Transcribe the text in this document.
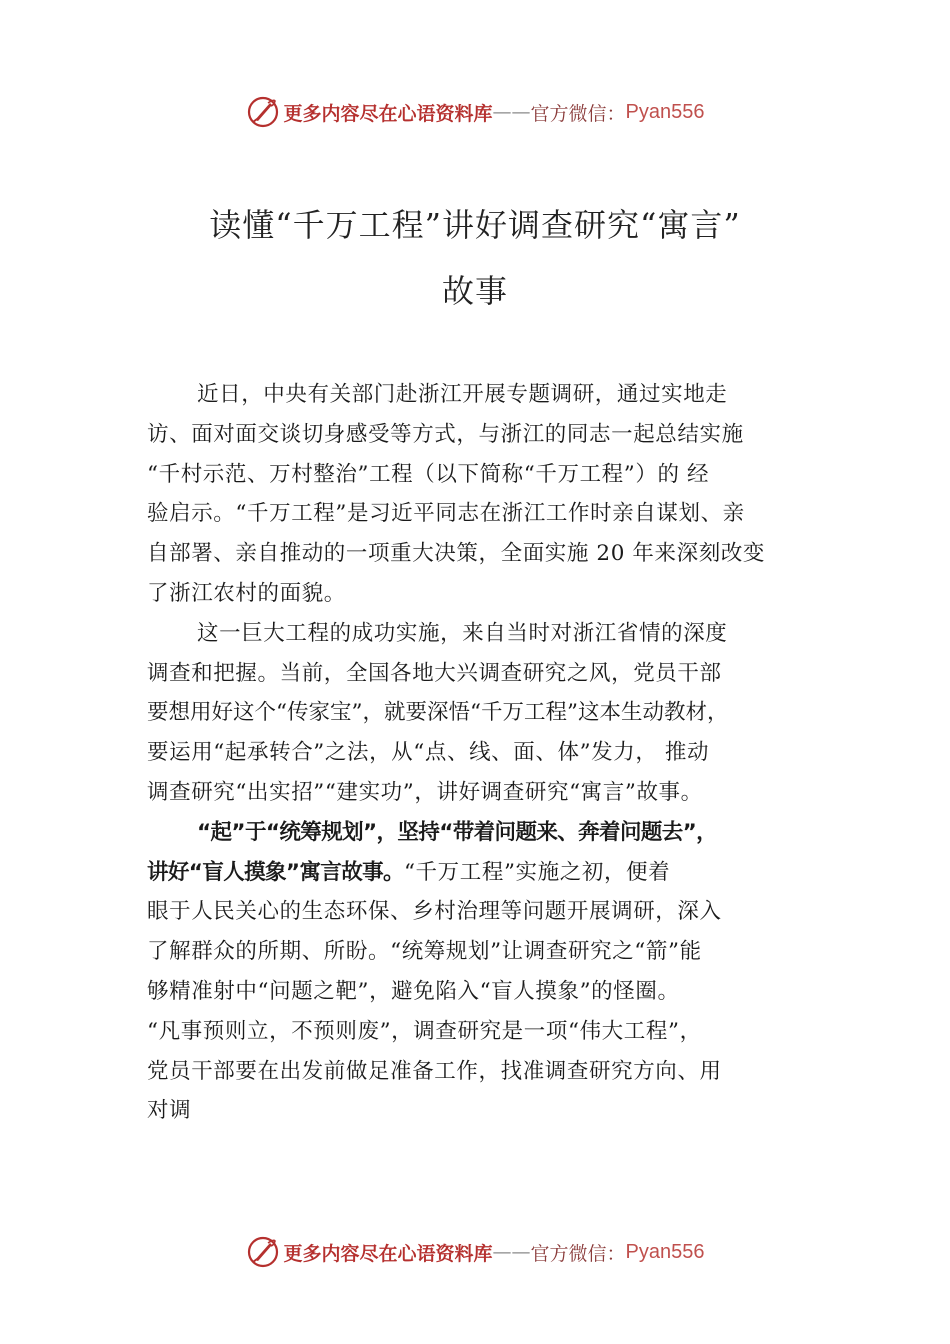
更多内容尽在心语资料库 —— 官方微信： Pyan556
读懂“千万工程”讲好调查研究“寓言”
故事
近日，中央有关部门赴浙江开展专题调研，通过实地走
访、面对面交谈切身感受等方式，与浙江的同志一起总结实施
“千村示范、万村整治”工程（以下简称“千万工程”）的 经
验启示。“千万工程”是习近平同志在浙江工作时亲自谋划、亲
自部署、亲自推动的一项重大决策，全面实施 20 年来深刻改变
了浙江农村的面貌。
这一巨大工程的成功实施，来自当时对浙江省情的深度
调查和把握。当前，全国各地大兴调查研究之风，党员干部
要想用好这个“传家宝”，就要深悟“千万工程”这本生动教材，
要运用“起承转合”之法，从“点、线、面、体”发力， 推动
调查研究“出实招”“建实功”，讲好调查研究“寓言”故事。
“起”于“统筹规划”，坚持“带着问题来、奔着问题去”，
讲好“盲人摸象”寓言故事。“千万工程”实施之初，便着
眼于人民关心的生态环保、乡村治理等问题开展调研，深入
了解群众的所期、所盼。“统筹规划”让调查研究之“箭”能
够精准射中“问题之靶”，避免陷入“盲人摸象”的怪圈。
“凡事预则立，不预则废”，调查研究是一项“伟大工程”，
党员干部要在出发前做足准备工作，找准调查研究方向、用
对调
更多内容尽在心语资料库 —— 官方微信： Pyan556
